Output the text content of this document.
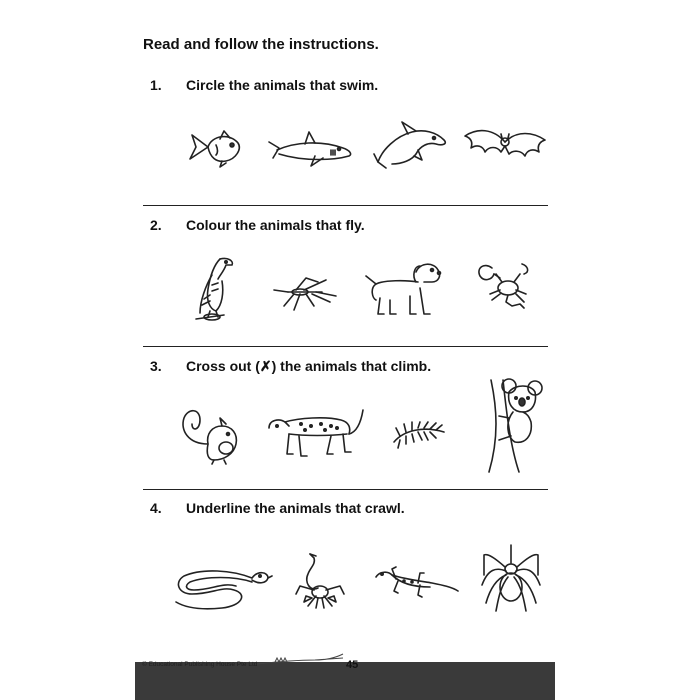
Read and follow the instructions.
1. Circle the animals that swim.
2. Colour the animals that fly.
3. Cross out (✗) the animals that climb.
4. Underline the animals that crawl.
© Educational Publishing House Pte Ltd	45
